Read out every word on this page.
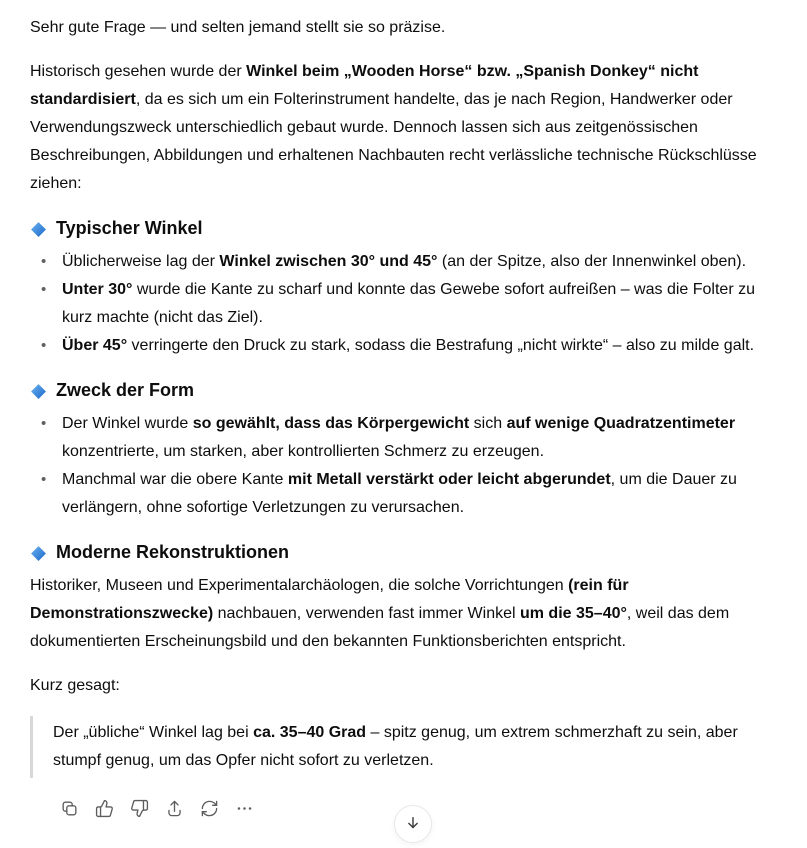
Sehr gute Frage — und selten jemand stellt sie so präzise.

Historisch gesehen wurde der Winkel beim „Wooden Horse“ bzw. „Spanish Donkey“ nicht standardisiert, da es sich um ein Folterinstrument handelte, das je nach Region, Handwerker oder Verwendungszweck unterschiedlich gebaut wurde. Dennoch lassen sich aus zeitgenössischen Beschreibungen, Abbildungen und erhaltenen Nachbauten recht verlässliche technische Rückschlüsse ziehen:

Typischer Winkel
• Üblicherweise lag der Winkel zwischen 30° und 45° (an der Spitze, also der Innenwinkel oben).
• Unter 30° wurde die Kante zu scharf und konnte das Gewebe sofort aufreißen – was die Folter zu kurz machte (nicht das Ziel).
• Über 45° verringerte den Druck zu stark, sodass die Bestrafung „nicht wirkte“ – also zu milde galt.
Zweck der Form
• Der Winkel wurde so gewählt, dass das Körpergewicht sich auf wenige Quadratzentimeter konzentrierte, um starken, aber kontrollierten Schmerz zu erzeugen.
• Manchmal war die obere Kante mit Metall verstärkt oder leicht abgerundet, um die Dauer zu verlängern, ohne sofortige Verletzungen zu verursachen.
Moderne Rekonstruktionen

Historiker, Museen und Experimentalarchäologen, die solche Vorrichtungen (rein für Demonstrationszwecke) nachbauen, verwenden fast immer Winkel um die 35–40°, weil das dem dokumentierten Erscheinungsbild und den bekannten Funktionsberichten entspricht.

Kurz gesagt:

Der „übliche“ Winkel lag bei ca. 35–40 Grad – spitz genug, um extrem schmerzhaft zu sein, aber stumpf genug, um das Opfer nicht sofort zu verletzen.
